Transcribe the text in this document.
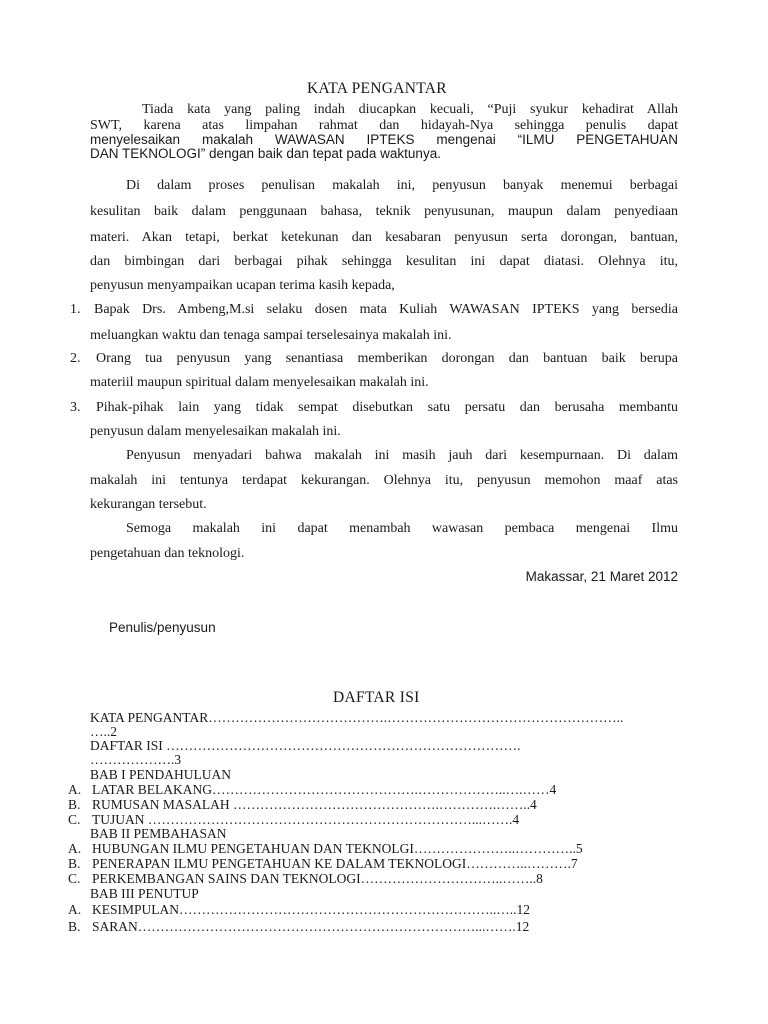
KATA PENGANTAR
Tiada kata yang paling indah diucapkan kecuali, “Puji syukur kehadirat Allah
SWT, karena atas limpahan rahmat dan hidayah-Nya sehingga penulis dapat
menyelesaikan makalah WAWASAN IPTEKS mengenai “ILMU PENGETAHUAN
DAN TEKNOLOGI” dengan baik dan tepat pada waktunya.
Di dalam proses penulisan makalah ini, penyusun banyak menemui berbagai
kesulitan baik dalam penggunaan bahasa, teknik penyusunan, maupun dalam penyediaan
materi. Akan tetapi, berkat ketekunan dan kesabaran penyusun serta dorongan, bantuan,
dan bimbingan dari berbagai pihak sehingga kesulitan ini dapat diatasi. Olehnya itu,
penyusun menyampaikan ucapan terima kasih kepada,
1. Bapak Drs. Ambeng,M.si selaku dosen mata Kuliah WAWASAN IPTEKS yang bersedia
meluangkan waktu dan tenaga sampai terselesainya makalah ini.
2. Orang tua penyusun yang senantiasa memberikan dorongan dan bantuan baik berupa
materiil maupun spiritual dalam menyelesaikan makalah ini.
3. Pihak-pihak lain yang tidak sempat disebutkan satu persatu dan berusaha membantu
penyusun dalam menyelesaikan makalah ini.
Penyusun menyadari bahwa makalah ini masih jauh dari kesempurnaan. Di dalam
makalah ini tentunya terdapat kekurangan. Olehnya itu, penyusun memohon maaf atas
kekurangan tersebut.
Semoga makalah ini dapat menambah wawasan pembaca mengenai Ilmu
pengetahuan dan teknologi.
Makassar, 21 Maret 2012
Penulis/penyusun
DAFTAR ISI
KATA PENGANTAR………………………………….……………………………………………..
…..2
DAFTAR ISI …………………………………………………………………….
……………….3
BAB I PENDAHULUAN
A. LATAR BELAKANG……………………………………….………………..….……4
B. RUMUSAN MASALAH ……………………………………….………….……..4
C. TUJUAN ………………………………………………………………...…….4
BAB II PEMBAHASAN
A. HUBUNGAN ILMU PENGETAHUAN DAN TEKNOLGI…………………..…………..5
B. PENERAPAN ILMU PENGETAHUAN KE DALAM TEKNOLOGI…………..……….7
C. PERKEMBANGAN SAINS DAN TEKNOLOGI…………………………..……..8
BAB III PENUTUP
A. KESIMPULAN……………………………………………………………..…..12
B. SARAN…………………………………………………………………...…….12
